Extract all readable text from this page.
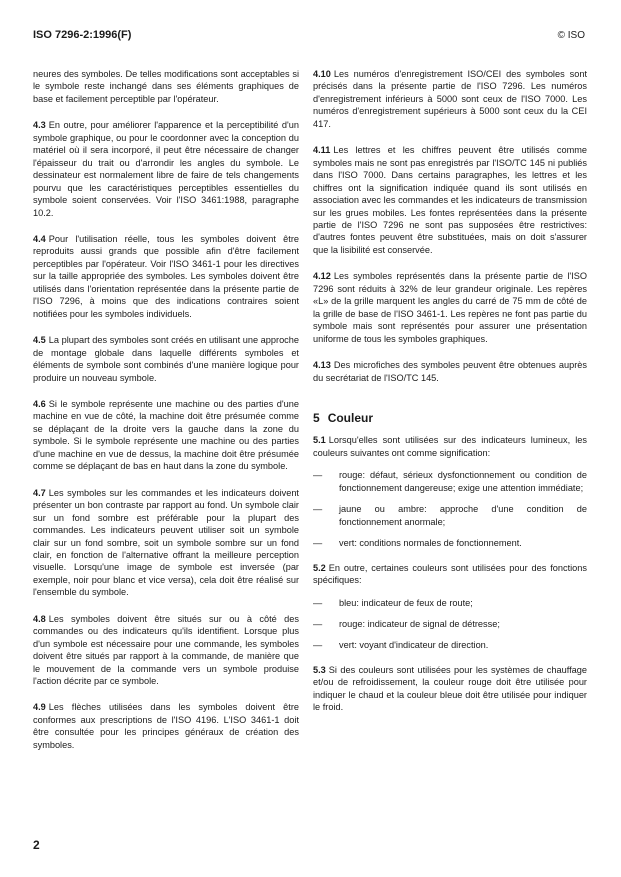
ISO 7296-2:1996(F)	© ISO

neures des symboles. De telles modifications sont acceptables si le symbole reste inchangé dans ses éléments graphiques de base et facilement perceptible par l'opérateur.

4.3 En outre, pour améliorer l'apparence et la perceptibilité d'un symbole graphique, ou pour le coordonner avec la conception du matériel où il sera incorporé, il peut être nécessaire de changer l'épaisseur du trait ou d'arrondir les angles du symbole. Le dessinateur est normalement libre de faire de tels changements pourvu que les caractéristiques perceptibles essentielles du symbole soient conservées. Voir l'ISO 3461:1988, paragraphe 10.2.

4.4 Pour l'utilisation réelle, tous les symboles doivent être reproduits aussi grands que possible afin d'être facilement perceptibles par l'opérateur. Voir l'ISO 3461-1 pour les directives sur la taille appropriée des symboles. Les symboles doivent être utilisés dans l'orientation représentée dans la présente partie de l'ISO 7296, à moins que des indications contraires soient notifiées pour les symboles individuels.

4.5 La plupart des symboles sont créés en utilisant une approche de montage globale dans laquelle différents symboles et éléments de symbole sont combinés d'une manière logique pour produire un nouveau symbole.

4.6 Si le symbole représente une machine ou des parties d'une machine en vue de côté, la machine doit être présumée comme se déplaçant de la droite vers la gauche dans la zone du symbole. Si le symbole représente une machine ou des parties d'une machine en vue de dessus, la machine doit être présumée comme se déplaçant de bas en haut dans la zone du symbole.

4.7 Les symboles sur les commandes et les indicateurs doivent présenter un bon contraste par rapport au fond. Un symbole clair sur un fond sombre est préférable pour la plupart des commandes. Les indicateurs peuvent utiliser soit un symbole clair sur un fond sombre, soit un symbole sombre sur un fond clair, en fonction de l'alternative offrant la meilleure perception visuelle. Lorsqu'une image de symbole est inversée (par exemple, noir pour blanc et vice versa), cela doit être réalisé sur l'ensemble du symbole.

4.8 Les symboles doivent être situés sur ou à côté des commandes ou des indicateurs qu'ils identifient. Lorsque plus d'un symbole est nécessaire pour une commande, les symboles doivent être situés par rapport à la commande, de manière que le mouvement de la commande vers un symbole produise l'action décrite par ce symbole.

4.9 Les flèches utilisées dans les symboles doivent être conformes aux prescriptions de l'ISO 4196. L'ISO 3461-1 doit être consultée pour les principes généraux de création des symboles.

4.10 Les numéros d'enregistrement ISO/CEI des symboles sont précisés dans la présente partie de l'ISO 7296. Les numéros d'enregistrement inférieurs à 5000 sont ceux de l'ISO 7000. Les numéros d'enregistrement supérieurs à 5000 sont ceux du la CEI 417.

4.11 Les lettres et les chiffres peuvent être utilisés comme symboles mais ne sont pas enregistrés par l'ISO/TC 145 ni publiés dans l'ISO 7000. Dans certains paragraphes, les lettres et les chiffres ont la signification indiquée quand ils sont utilisés en association avec les commandes et les indicateurs de transmission sur les grues mobiles. Les fontes représentées dans la présente partie de l'ISO 7296 ne sont pas supposées être restrictives: d'autres fontes peuvent être substituées, mais on doit s'assurer que la lisibilité est conservée.

4.12 Les symboles représentés dans la présente partie de l'ISO 7296 sont réduits à 32% de leur grandeur originale. Les repères «L» de la grille marquent les angles du carré de 75 mm de côté de la grille de base de l'ISO 3461-1. Les repères ne font pas partie du symbole mais sont représentés pour assurer une présentation uniforme de tous les symboles graphiques.

4.13 Des microfiches des symboles peuvent être obtenues auprès du secrétariat de l'ISO/TC 145.

5 Couleur

5.1 Lorsqu'elles sont utilisées sur des indicateurs lumineux, les couleurs suivantes ont comme signification:

—	rouge: défaut, sérieux dysfonctionnement ou condition de fonctionnement dangereuse; exige une attention immédiate;
—	jaune ou ambre: approche d'une condition de fonctionnement anormale;
—	vert: conditions normales de fonctionnement.

5.2 En outre, certaines couleurs sont utilisées pour des fonctions spécifiques:

—	bleu: indicateur de feux de route;
—	rouge: indicateur de signal de détresse;
—	vert: voyant d'indicateur de direction.

5.3 Si des couleurs sont utilisées pour les systèmes de chauffage et/ou de refroidissement, la couleur rouge doit être utilisée pour indiquer le chaud et la couleur bleue doit être utilisée pour indiquer le froid.

2
